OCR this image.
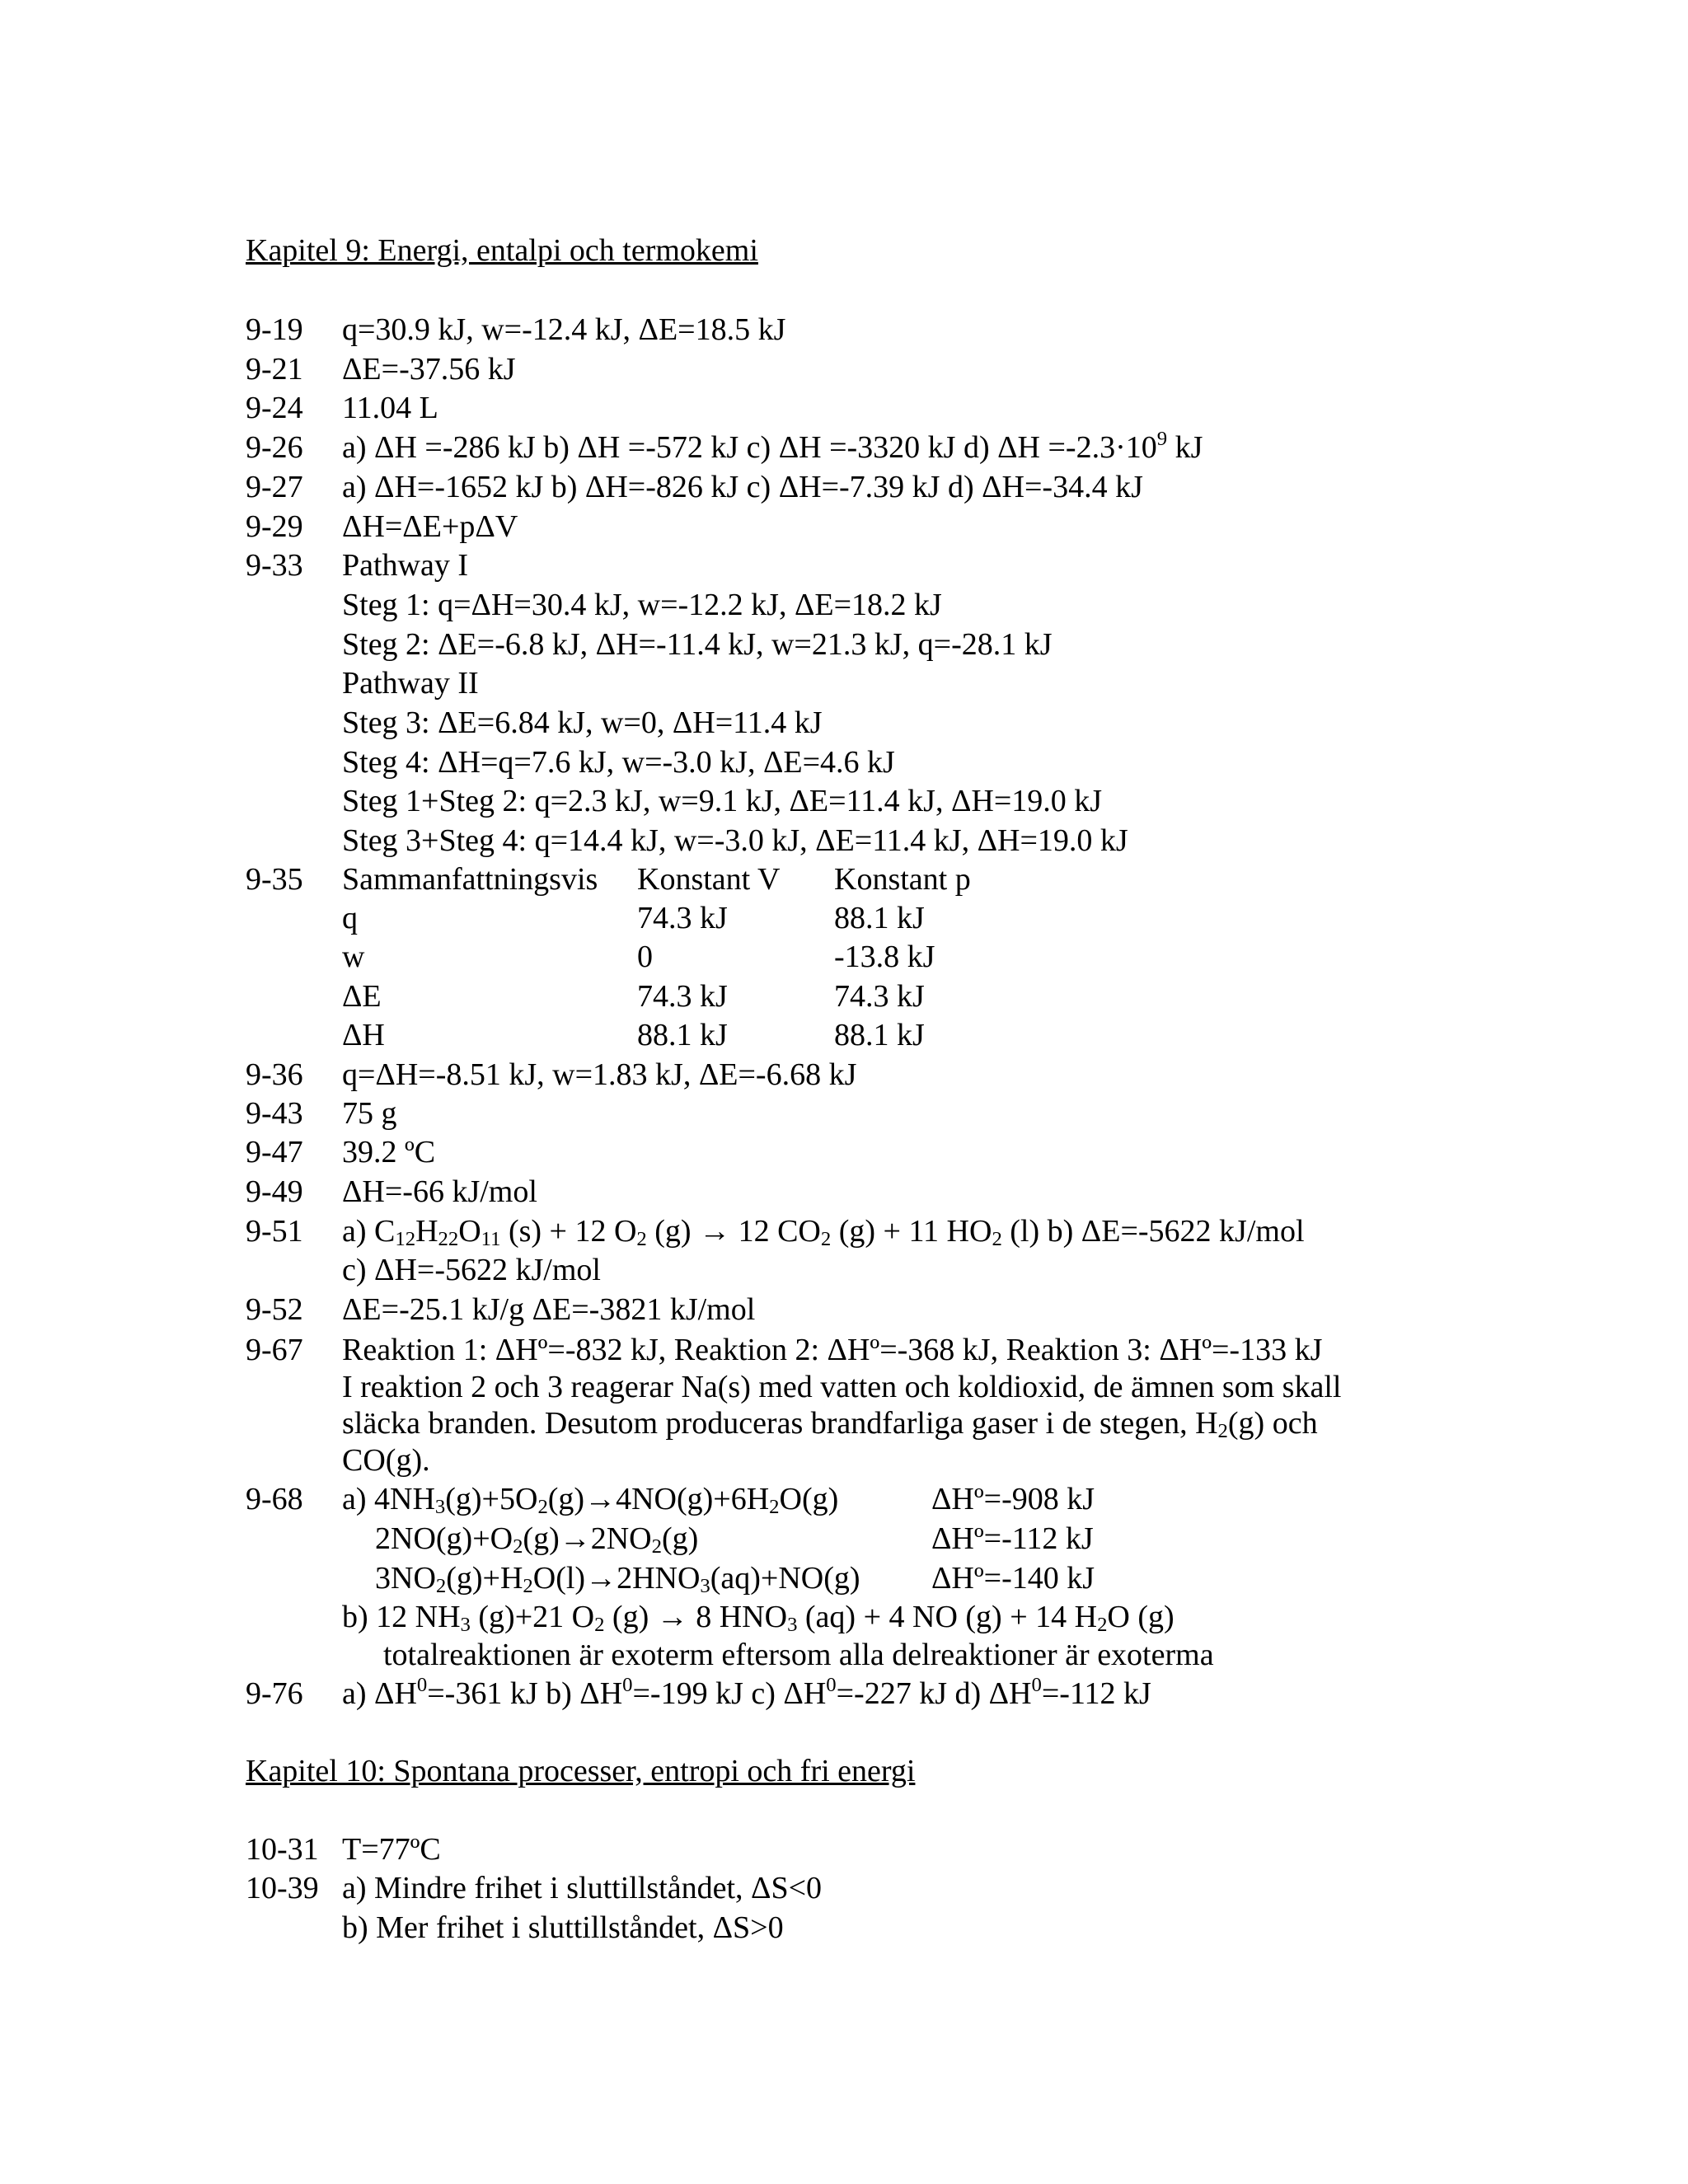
Kapitel 9: Energi, entalpi och termokemi
9-19 q=30.9 kJ, w=-12.4 kJ, ΔE=18.5 kJ
9-21 ΔE=-37.56 kJ
9-24 11.04 L
9-26 a) ΔH =-286 kJ b) ΔH =-572 kJ c) ΔH =-3320 kJ d) $\Delta H =-2.3\cdot 10^9$ kJ
9-27 a) ΔH=-1652 kJ b) ΔH=-826 kJ c) ΔH=-7.39 kJ d) ΔH=-34.4 kJ
9-29 ΔH=ΔE+pΔV
9-33 Pathway I
Steg 1: q=ΔH=30.4 kJ, w=-12.2 kJ, ΔE=18.2 kJ
Steg 2: ΔE=-6.8 kJ, ΔH=-11.4 kJ, w=21.3 kJ, q=-28.1 kJ
Pathway II
Steg 3: ΔE=6.84 kJ, w=0, ΔH=11.4 kJ
Steg 4: ΔH=q=7.6 kJ, w=-3.0 kJ, ΔE=4.6 kJ
Steg 1+Steg 2: q=2.3 kJ, w=9.1 kJ, ΔE=11.4 kJ, ΔH=19.0 kJ
Steg 3+Steg 4: q=14.4 kJ, w=-3.0 kJ, ΔE=11.4 kJ, ΔH=19.0 kJ
9-35 Sammanfattningsvis Konstant V Konstant p
q	74.3 kJ	88.1 kJ
w	0	-13.8 kJ
ΔE	74.3 kJ	74.3 kJ
ΔH	88.1 kJ	88.1 kJ
9-36 q=ΔH=-8.51 kJ, w=1.83 kJ, ΔE=-6.68 kJ
9-43 75 g
9-47 39.2 ºC
9-49 ΔH=-66 kJ/mol
9-51 a) $C_{12}H_{22}O_{11}$ (s) + 12 $O_2$ (g) → 12 $CO_2$ (g) + 11 $HO_2$ (l) b) ΔE=-5622 kJ/mol
c) ΔH=-5622 kJ/mol
9-52 ΔE=-25.1 kJ/g ΔE=-3821 kJ/mol
9-67 Reaktion 1: ΔHº=-832 kJ, Reaktion 2: ΔHº=-368 kJ, Reaktion 3: ΔHº=-133 kJ
I reaktion 2 och 3 reagerar Na(s) med vatten och koldioxid, de ämnen som skall
släcka branden. Desutom produceras brandfarliga gaser i de stegen, $H_2(g)$ och
CO(g).
9-68 a) $4NH_3(g)+5O_2(g)\to 4NO(g)+6H_2O(g)$	ΔHº=-908 kJ
$2NO(g)+O_2(g)\to 2NO_2(g)$	ΔHº=-112 kJ
$3NO_2(g)+H_2O(l)\to 2HNO_3(aq)+NO(g)$ ΔHº=-140 kJ
b) 12 $NH_3$ (g)+21 $O_2$ (g) → 8 $HNO_3$ (aq) + 4 NO (g) + 14 $H_2O$ (g)
totalreaktionen är exoterm eftersom alla delreaktioner är exoterma
9-76 a) $\Delta H^0=-361$ kJ b) $\Delta H^0=-199$ kJ c) $\Delta H^0=-227$ kJ d) $\Delta H^0=-112$ kJ
Kapitel 10: Spontana processer, entropi och fri energi
10-31 T=77ºC
10-39 a) Mindre frihet i sluttillståndet, ΔS<0
b) Mer frihet i sluttillståndet, ΔS>0
